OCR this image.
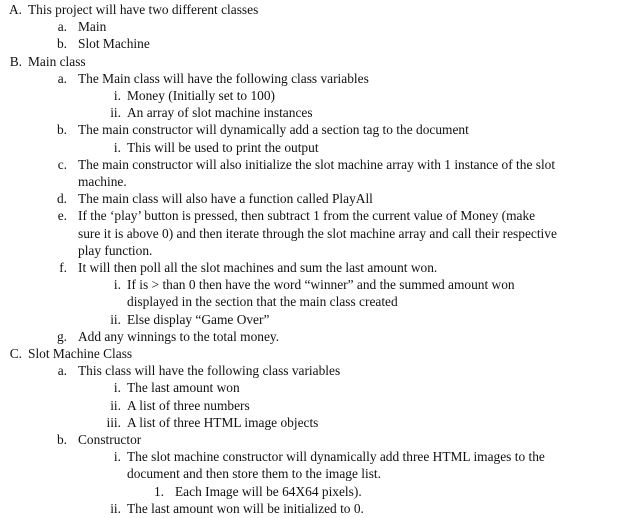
A. This project will have two different classes
a. Main
b. Slot Machine
B. Main class
a. The Main class will have the following class variables
i. Money (Initially set to 100)
ii. An array of slot machine instances
b. The main constructor will dynamically add a section tag to the document
i. This will be used to print the output
c. The main constructor will also initialize the slot machine array with 1 instance of the slot
machine.
d. The main class will also have a function called PlayAll
e. If the ‘play’ button is pressed, then subtract 1 from the current value of Money (make
sure it is above 0) and then iterate through the slot machine array and call their respective
play function.
f. It will then poll all the slot machines and sum the last amount won.
i. If is > than 0 then have the word “winner” and the summed amount won
displayed in the section that the main class created
ii. Else display “Game Over”
g. Add any winnings to the total money.
C. Slot Machine Class
a. This class will have the following class variables
i. The last amount won
ii. A list of three numbers
iii. A list of three HTML image objects
b. Constructor
i. The slot machine constructor will dynamically add three HTML images to the
document and then store them to the image list.
1. Each Image will be 64X64 pixels).
ii. The last amount won will be initialized to 0.
